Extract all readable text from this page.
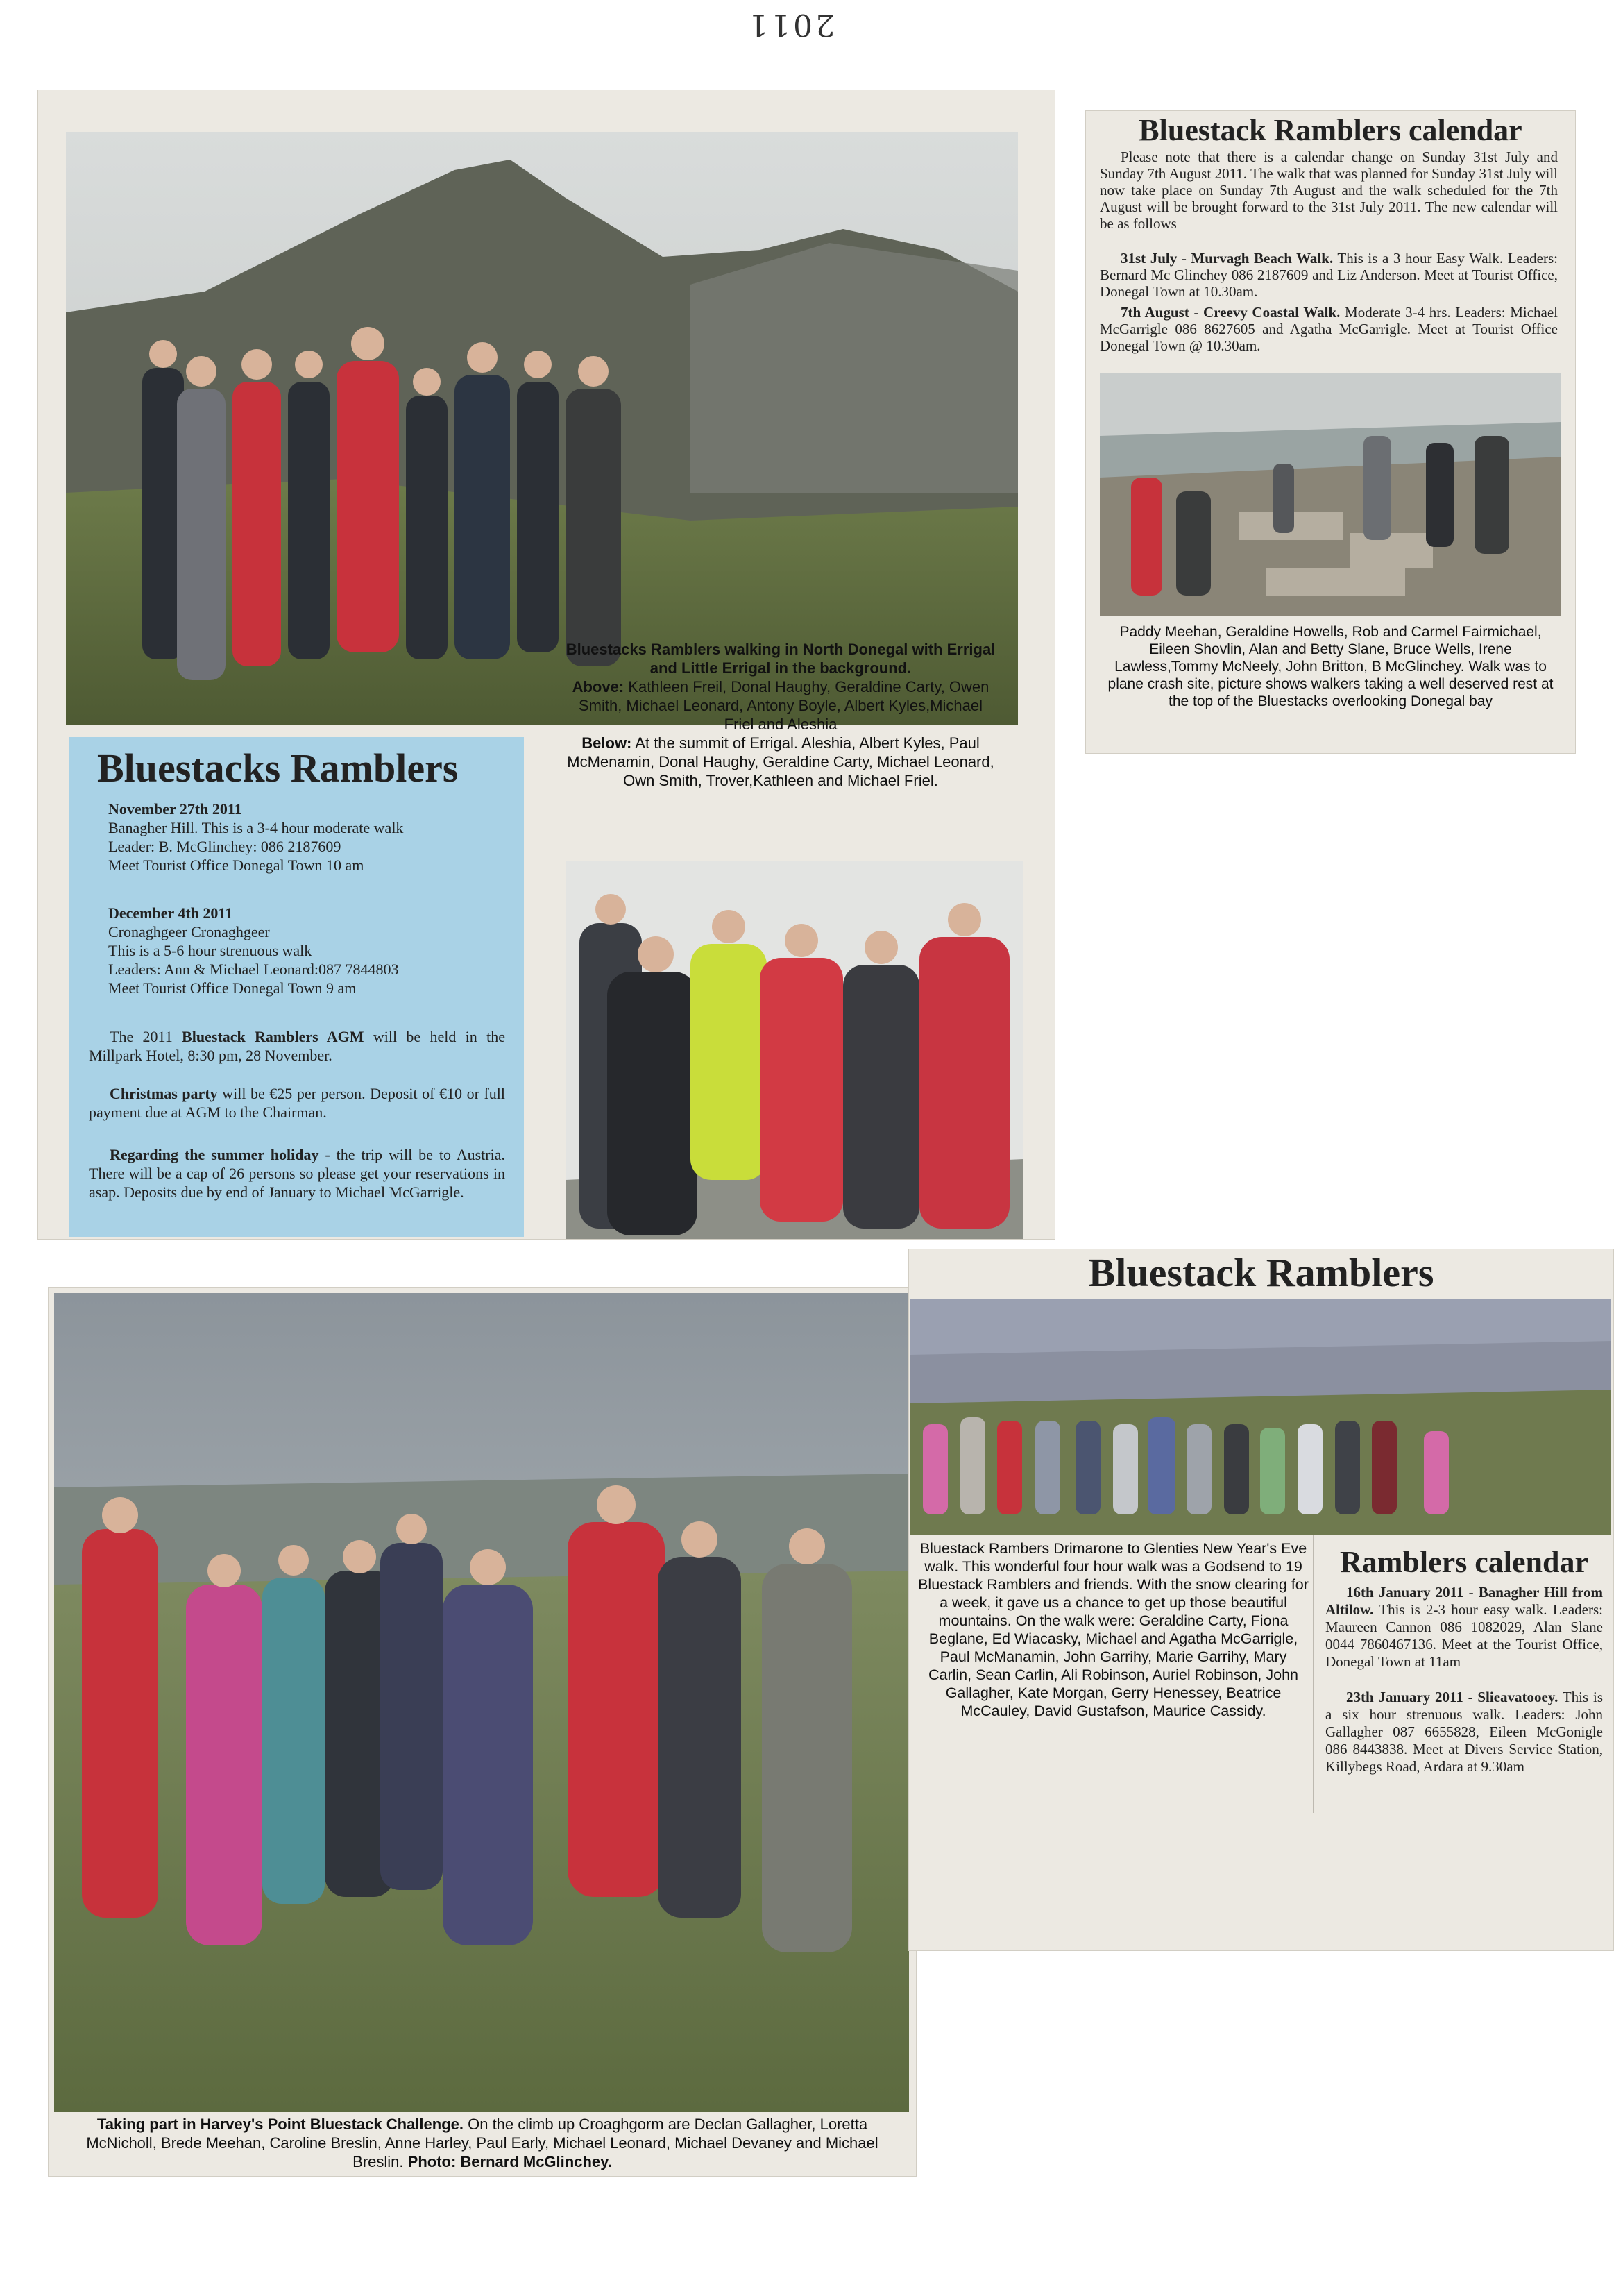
2011
Bluestacks Ramblers
November 27th 2011
Banagher Hill. This is a 3-4 hour moderate walk
Leader: B. McGlinchey: 086 2187609
Meet Tourist Office Donegal Town 10 am
December 4th 2011
Cronaghgeer Cronaghgeer
This is a 5-6 hour strenuous walk
Leaders: Ann & Michael Leonard:087 7844803
Meet Tourist Office Donegal Town 9 am
The 2011 Bluestack Ramblers AGM will be held in the Millpark Hotel, 8:30 pm, 28 November.
Christmas party will be €25 per person. Deposit of €10 or full payment due at AGM to the Chairman.
Regarding the summer holiday - the trip will be to Austria. There will be a cap of 26 persons so please get your reservations in asap. Deposits due by end of January to Michael McGarrigle.
Bluestacks Ramblers walking in North Donegal with Errigal and Little Errigal in the background.
Above: Kathleen Freil, Donal Haughy, Geraldine Carty, Owen Smith, Michael Leonard, Antony Boyle, Albert Kyles,Michael Friel and Aleshia
Below: At the summit of Errigal. Aleshia, Albert Kyles, Paul McMenamin, Donal Haughy, Geraldine Carty, Michael Leonard, Own Smith, Trover,Kathleen and Michael Friel.
Bluestack Ramblers calendar
Please note that there is a calendar change on Sunday 31st July and Sunday 7th August 2011. The walk that was planned for Sunday 31st July will now take place on Sunday 7th August and the walk scheduled for the 7th August will be brought forward to the 31st July 2011. The new calendar will be as follows
31st July - Murvagh Beach Walk. This is a 3 hour Easy Walk. Leaders: Bernard Mc Glinchey 086 2187609 and Liz Anderson. Meet at Tourist Office, Donegal Town at 10.30am.
7th August - Creevy Coastal Walk. Moderate 3-4 hrs. Leaders: Michael McGarrigle 086 8627605 and Agatha McGarrigle. Meet at Tourist Office Donegal Town @ 10.30am.
Paddy Meehan, Geraldine Howells, Rob and Carmel Fairmichael, Eileen Shovlin, Alan and Betty Slane, Bruce Wells, Irene Lawless,Tommy McNeely, John Britton, B McGlinchey. Walk was to plane crash site, picture shows walkers taking a well deserved rest at the top of the Bluestacks overlooking Donegal bay
Taking part in Harvey's Point Bluestack Challenge. On the climb up Croaghgorm are Declan Gallagher, Loretta McNicholl, Brede Meehan, Caroline Breslin, Anne Harley, Paul Early, Michael Leonard, Michael Devaney and Michael Breslin. Photo: Bernard McGlinchey.
Bluestack Ramblers
Bluestack Rambers Drimarone to Glenties New Year's Eve walk. This wonderful four hour walk was a Godsend to 19 Bluestack Ramblers and friends. With the snow clearing for a week, it gave us a chance to get up those beautiful mountains. On the walk were: Geraldine Carty, Fiona Beglane, Ed Wiacasky, Michael and Agatha McGarrigle, Paul McManamin, John Garrihy, Marie Garrihy, Mary Carlin, Sean Carlin, Ali Robinson, Auriel Robinson, John Gallagher, Kate Morgan, Gerry Henessey, Beatrice McCauley, David Gustafson, Maurice Cassidy.
Ramblers calendar
16th January 2011 - Banagher Hill from Altilow. This is 2-3 hour easy walk. Leaders: Maureen Cannon 086 1082029, Alan Slane 0044 7860467136. Meet at the Tourist Office, Donegal Town at 11am
23th January 2011 - Slieavatooey. This is a six hour strenuous walk. Leaders: John Gallagher 087 6655828, Eileen McGonigle 086 8443838. Meet at Divers Service Station, Killybegs Road, Ardara at 9.30am
